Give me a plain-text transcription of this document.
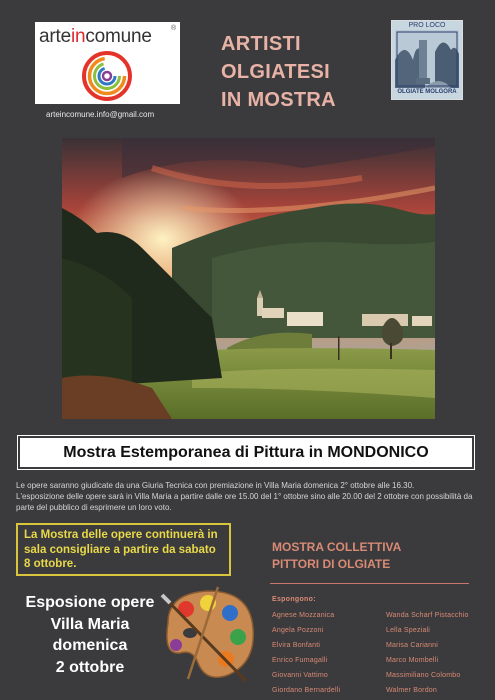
arteincomune	®
arteincomune.info@gmail.com
ARTISTI
OLGIATESI
IN MOSTRA
PRO LOCO
OLGIATE MOLGORA
Mostra Estemporanea di Pittura in MONDONICO

Le opere saranno giudicate da una Giuria Tecnica con premiazione in Villa Maria domenica 2° ottobre alle 16.30.

L'esposizione delle opere sarà in Villa Maria a partire dalle ore 15.00 del 1° ottobre sino alle 20.00 del 2 ottobre con possibilità da parte del pubblico di esprimere un loro voto.

La Mostra delle opere continuerà in
sala consigliare a partire da sabato
8 ottobre.
MOSTRA COLLETTIVA
PITTORI DI OLGIATE
Esposione opere
Villa Maria
domenica
2 ottobre
Espongono:
Agnese Mozzanica
Angela Pozzoni
Elvira Bonfanti
Enrico Fumagalli
Giovanni Vattimo
Giordano Bernardelli
Wanda Scharf Pistacchio
Lella Speziali
Marisa Carianni
Marco Mombelli
Massimiliano Colombo
Walmer Bordon
